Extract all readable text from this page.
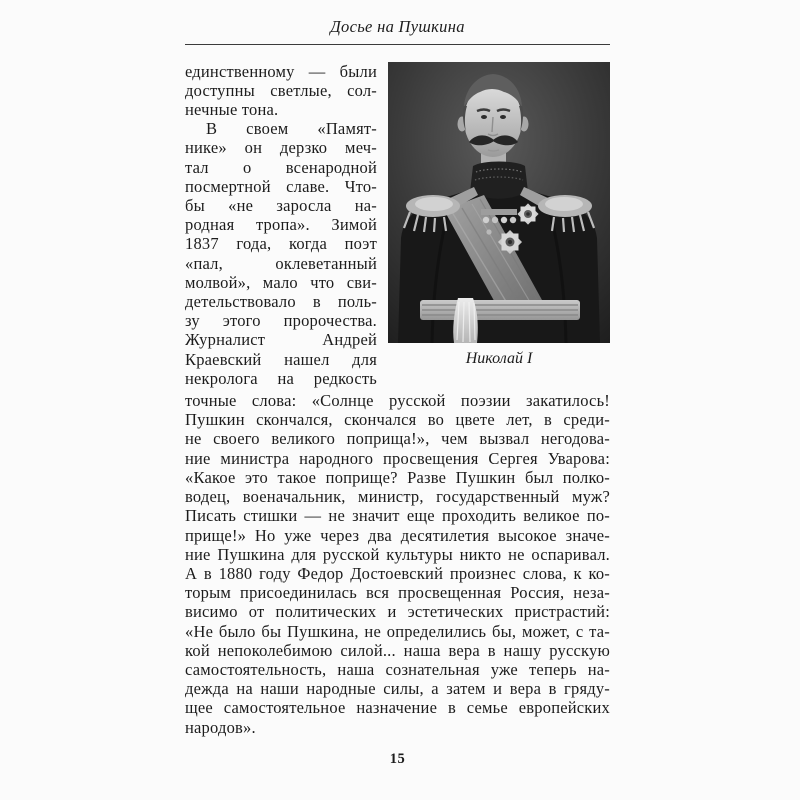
Досье на Пушкина
единственному — были
доступны светлые, сол-
нечные тона.
В своем «Памят-
нике» он дерзко меч-
тал о всенародной
посмертной славе. Что-
бы «не заросла на-
родная тропа». Зимой
1837 года, когда поэт
«пал, оклеветанный
молвой», мало что сви-
детельствовало в поль-
зу этого пророчества.
Журналист Андрей
Краевский нашел для
некролога на редкость
Николай I
точные слова: «Солнце русской поэзии закатилось!
Пушкин скончался, скончался во цвете лет, в среди-
не своего великого поприща!», чем вызвал негодова-
ние министра народного просвещения Сергея Уварова:
«Какое это такое поприще? Разве Пушкин был полко-
водец, военачальник, министр, государственный муж?
Писать стишки — не значит еще проходить великое по-
прище!» Но уже через два десятилетия высокое значе-
ние Пушкина для русской культуры никто не оспаривал.
А в 1880 году Федор Достоевский произнес слова, к ко-
торым присоединилась вся просвещенная Россия, неза-
висимо от политических и эстетических пристрастий:
«Не было бы Пушкина, не определились бы, может, с та-
кой непоколебимою силой... наша вера в нашу русскую
самостоятельность, наша сознательная уже теперь на-
дежда на наши народные силы, а затем и вера в гряду-
щее самостоятельное назначение в семье европейских
народов».
15
